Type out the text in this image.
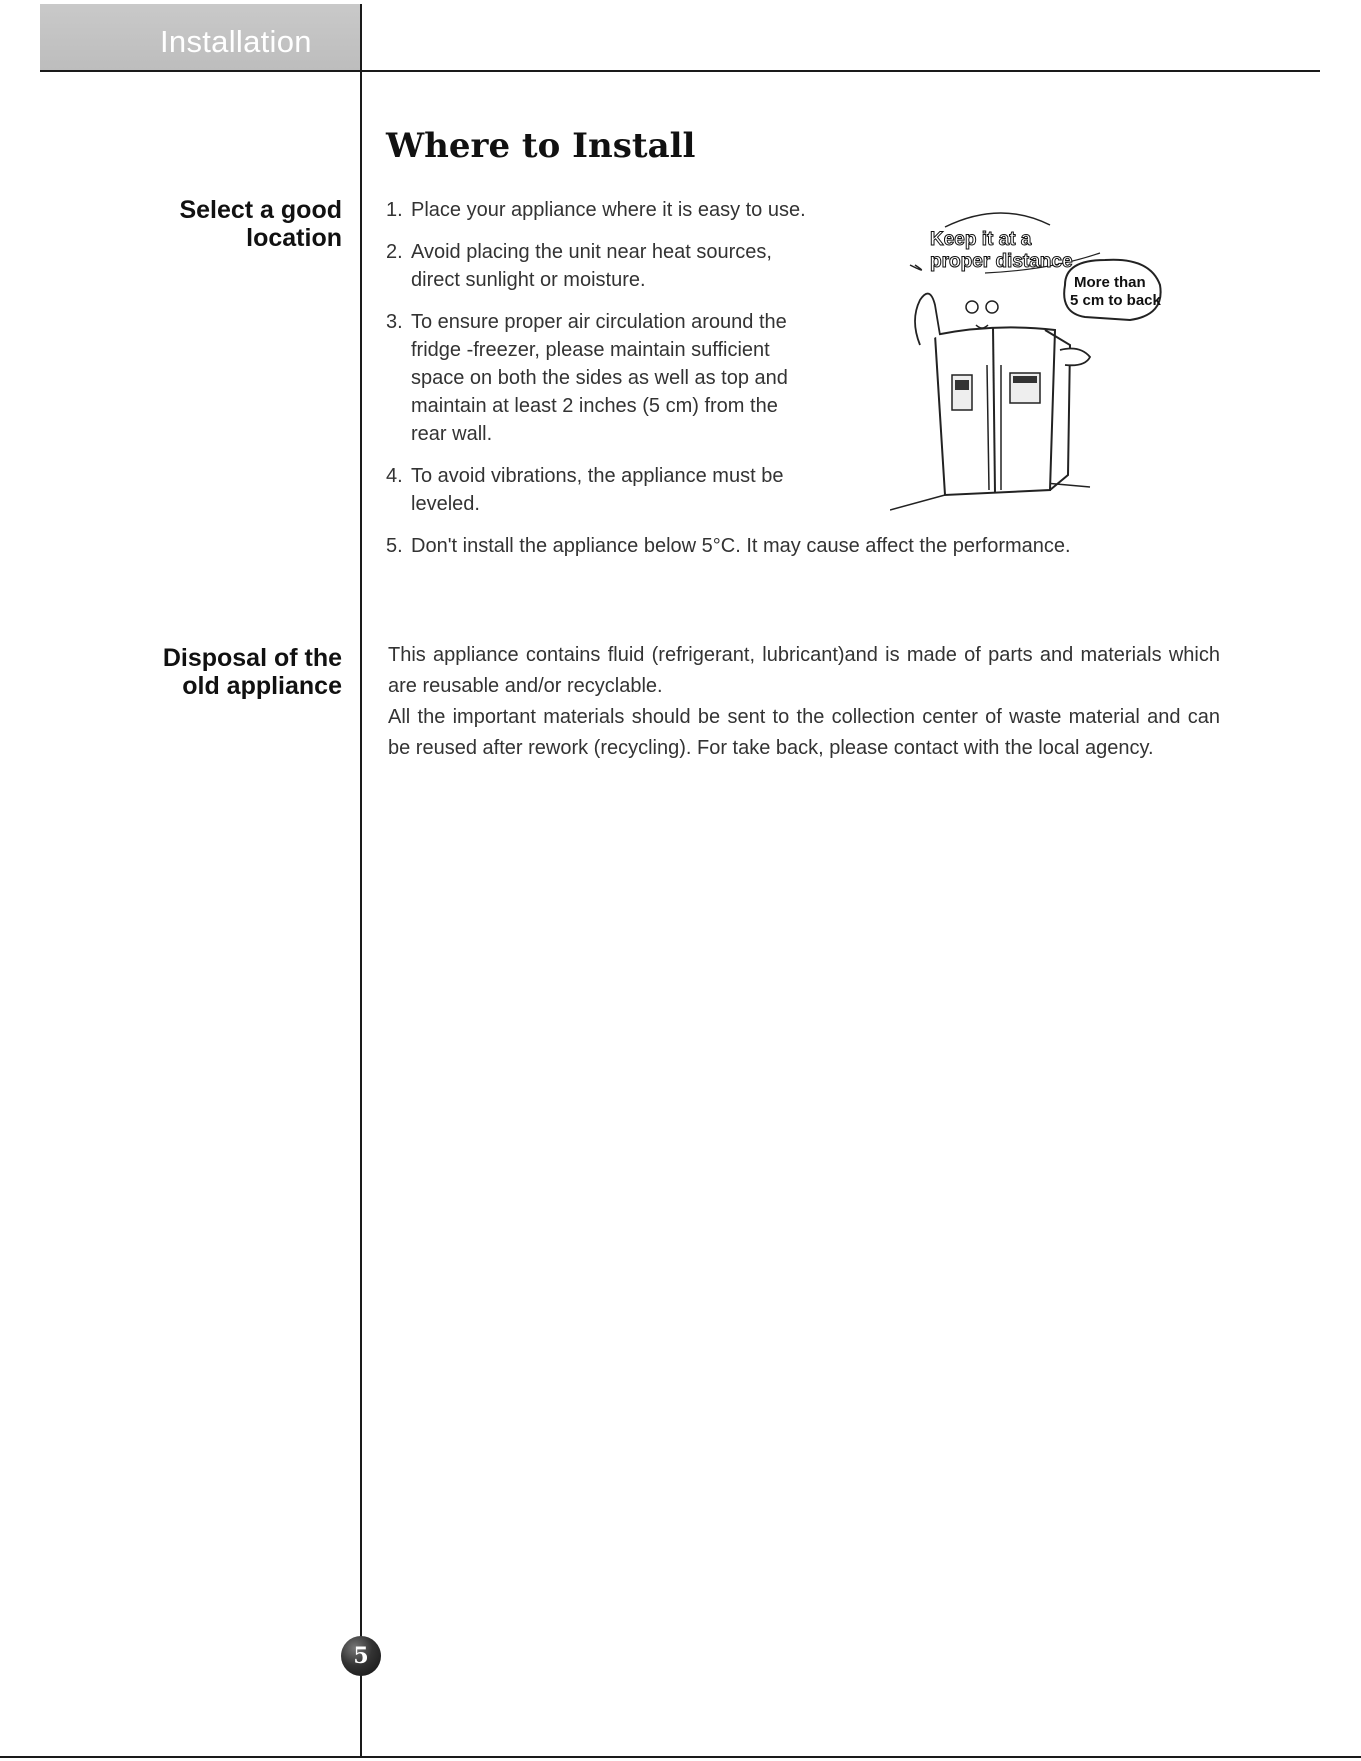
Installation
Where to Install
Select a good
location
1. Place your appliance where it is easy to use.
2. Avoid placing the unit near heat sources, direct sunlight or moisture.
3. To ensure proper air circulation around the fridge -freezer, please maintain sufficient space on both the sides as well as top and maintain at least 2 inches (5 cm) from the rear wall.
4. To avoid vibrations, the appliance must be leveled.
5. Don't install the appliance below 5°C. It may cause affect the performance.
Disposal of the
old appliance

This appliance contains fluid (refrigerant, lubricant)and is made of parts and materials which are reusable and/or recyclable.

All the important materials should be sent to the collection center of waste material and can be reused after rework (recycling). For take back, please contact with the local agency.

More than
5 cm to back
Keep it at a
proper distance
5
